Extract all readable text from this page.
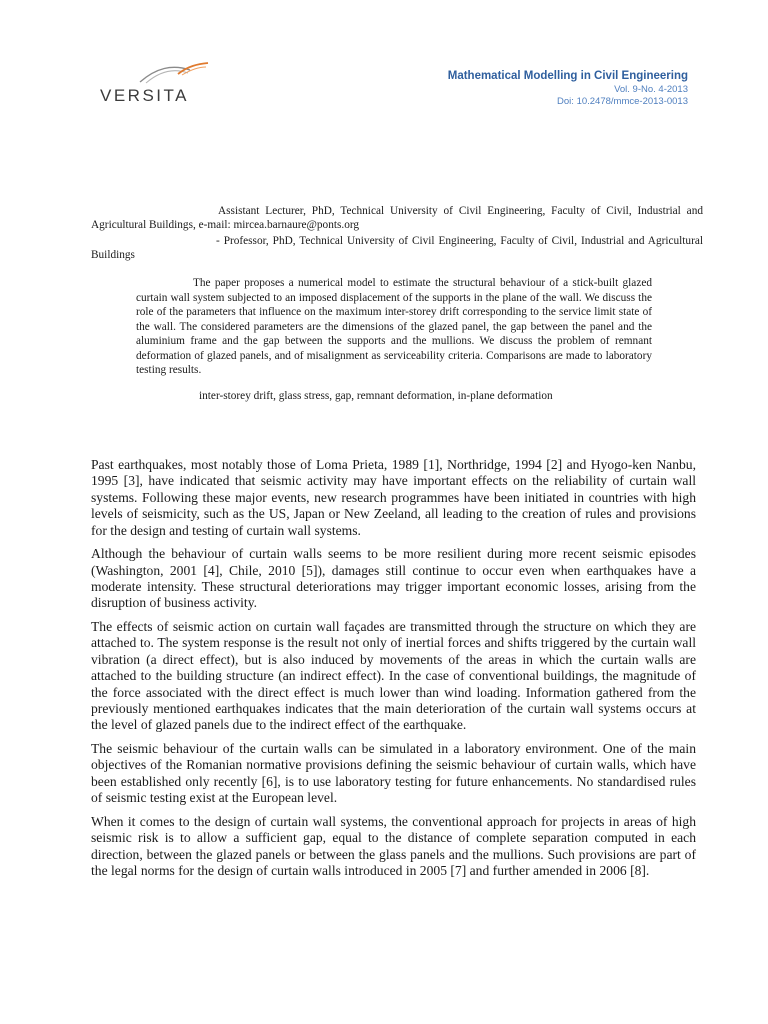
VERSITA
Mathematical Modelling in Civil Engineering
Vol. 9-No. 4-2013
Doi: 10.2478/mmce-2013-0013
Assistant Lecturer, PhD, Technical University of Civil Engineering, Faculty of Civil, Industrial and Agricultural Buildings, e-mail: mircea.barnaure@ponts.org
- Professor, PhD, Technical University of Civil Engineering, Faculty of Civil, Industrial and Agricultural Buildings
The paper proposes a numerical model to estimate the structural behaviour of a stick-built glazed curtain wall system subjected to an imposed displacement of the supports in the plane of the wall. We discuss the role of the parameters that influence on the maximum inter-storey drift corresponding to the service limit state of the wall. The considered parameters are the dimensions of the glazed panel, the gap between the panel and the aluminium frame and the gap between the supports and the mullions. We discuss the problem of remnant deformation of glazed panels, and of misalignment as serviceability criteria. Comparisons are made to laboratory testing results.
inter-storey drift, glass stress, gap, remnant deformation, in-plane deformation

Past earthquakes, most notably those of Loma Prieta, 1989 [1], Northridge, 1994 [2] and Hyogo-ken Nanbu, 1995 [3], have indicated that seismic activity may have important effects on the reliability of curtain wall systems. Following these major events, new research programmes have been initiated in countries with high levels of seismicity, such as the US, Japan or New Zeeland, all leading to the creation of rules and provisions for the design and testing of curtain wall systems.

Although the behaviour of curtain walls seems to be more resilient during more recent seismic episodes (Washington, 2001 [4], Chile, 2010 [5]), damages still continue to occur even when earthquakes have a moderate intensity. These structural deteriorations may trigger important economic losses, arising from the disruption of business activity.

The effects of seismic action on curtain wall façades are transmitted through the structure on which they are attached to. The system response is the result not only of inertial forces and shifts triggered by the curtain wall vibration (a direct effect), but is also induced by movements of the areas in which the curtain walls are attached to the building structure (an indirect effect). In the case of conventional buildings, the magnitude of the force associated with the direct effect is much lower than wind loading. Information gathered from the previously mentioned earthquakes indicates that the main deterioration of the curtain wall systems occurs at the level of glazed panels due to the indirect effect of the earthquake.

The seismic behaviour of the curtain walls can be simulated in a laboratory environment. One of the main objectives of the Romanian normative provisions defining the seismic behaviour of curtain walls, which have been established only recently [6], is to use laboratory testing for future enhancements. No standardised rules of seismic testing exist at the European level.

When it comes to the design of curtain wall systems, the conventional approach for projects in areas of high seismic risk is to allow a sufficient gap, equal to the distance of complete separation computed in each direction, between the glazed panels or between the glass panels and the mullions. Such provisions are part of the legal norms for the design of curtain walls introduced in 2005 [7] and further amended in 2006 [8].
